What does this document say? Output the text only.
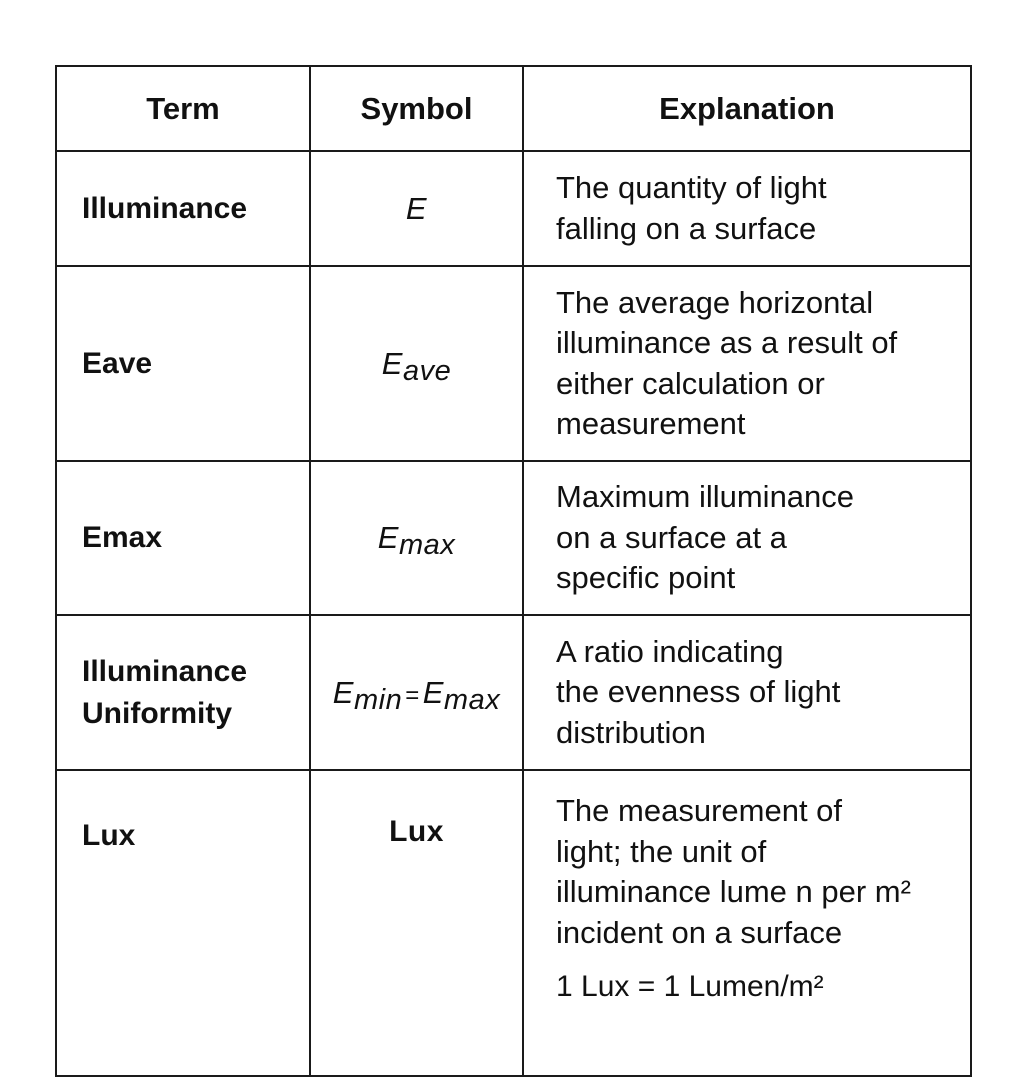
Term	Symbol	Explanation
Illuminance	E	The quantity of light
falling on a surface

Eave	Eave	The average horizontal
illuminance as a result of
either calculation or
measurement

Emax	Emax	Maximum illuminance
on a surface at a
specific point

Illuminance
Uniformity	Emin =Emax	A ratio indicating
the evenness of light
distribution

Lux	Lux	The measurement of
light; the unit of
illuminance lume n per m²
incident on a surface
1 Lux = 1 Lumen/m²
